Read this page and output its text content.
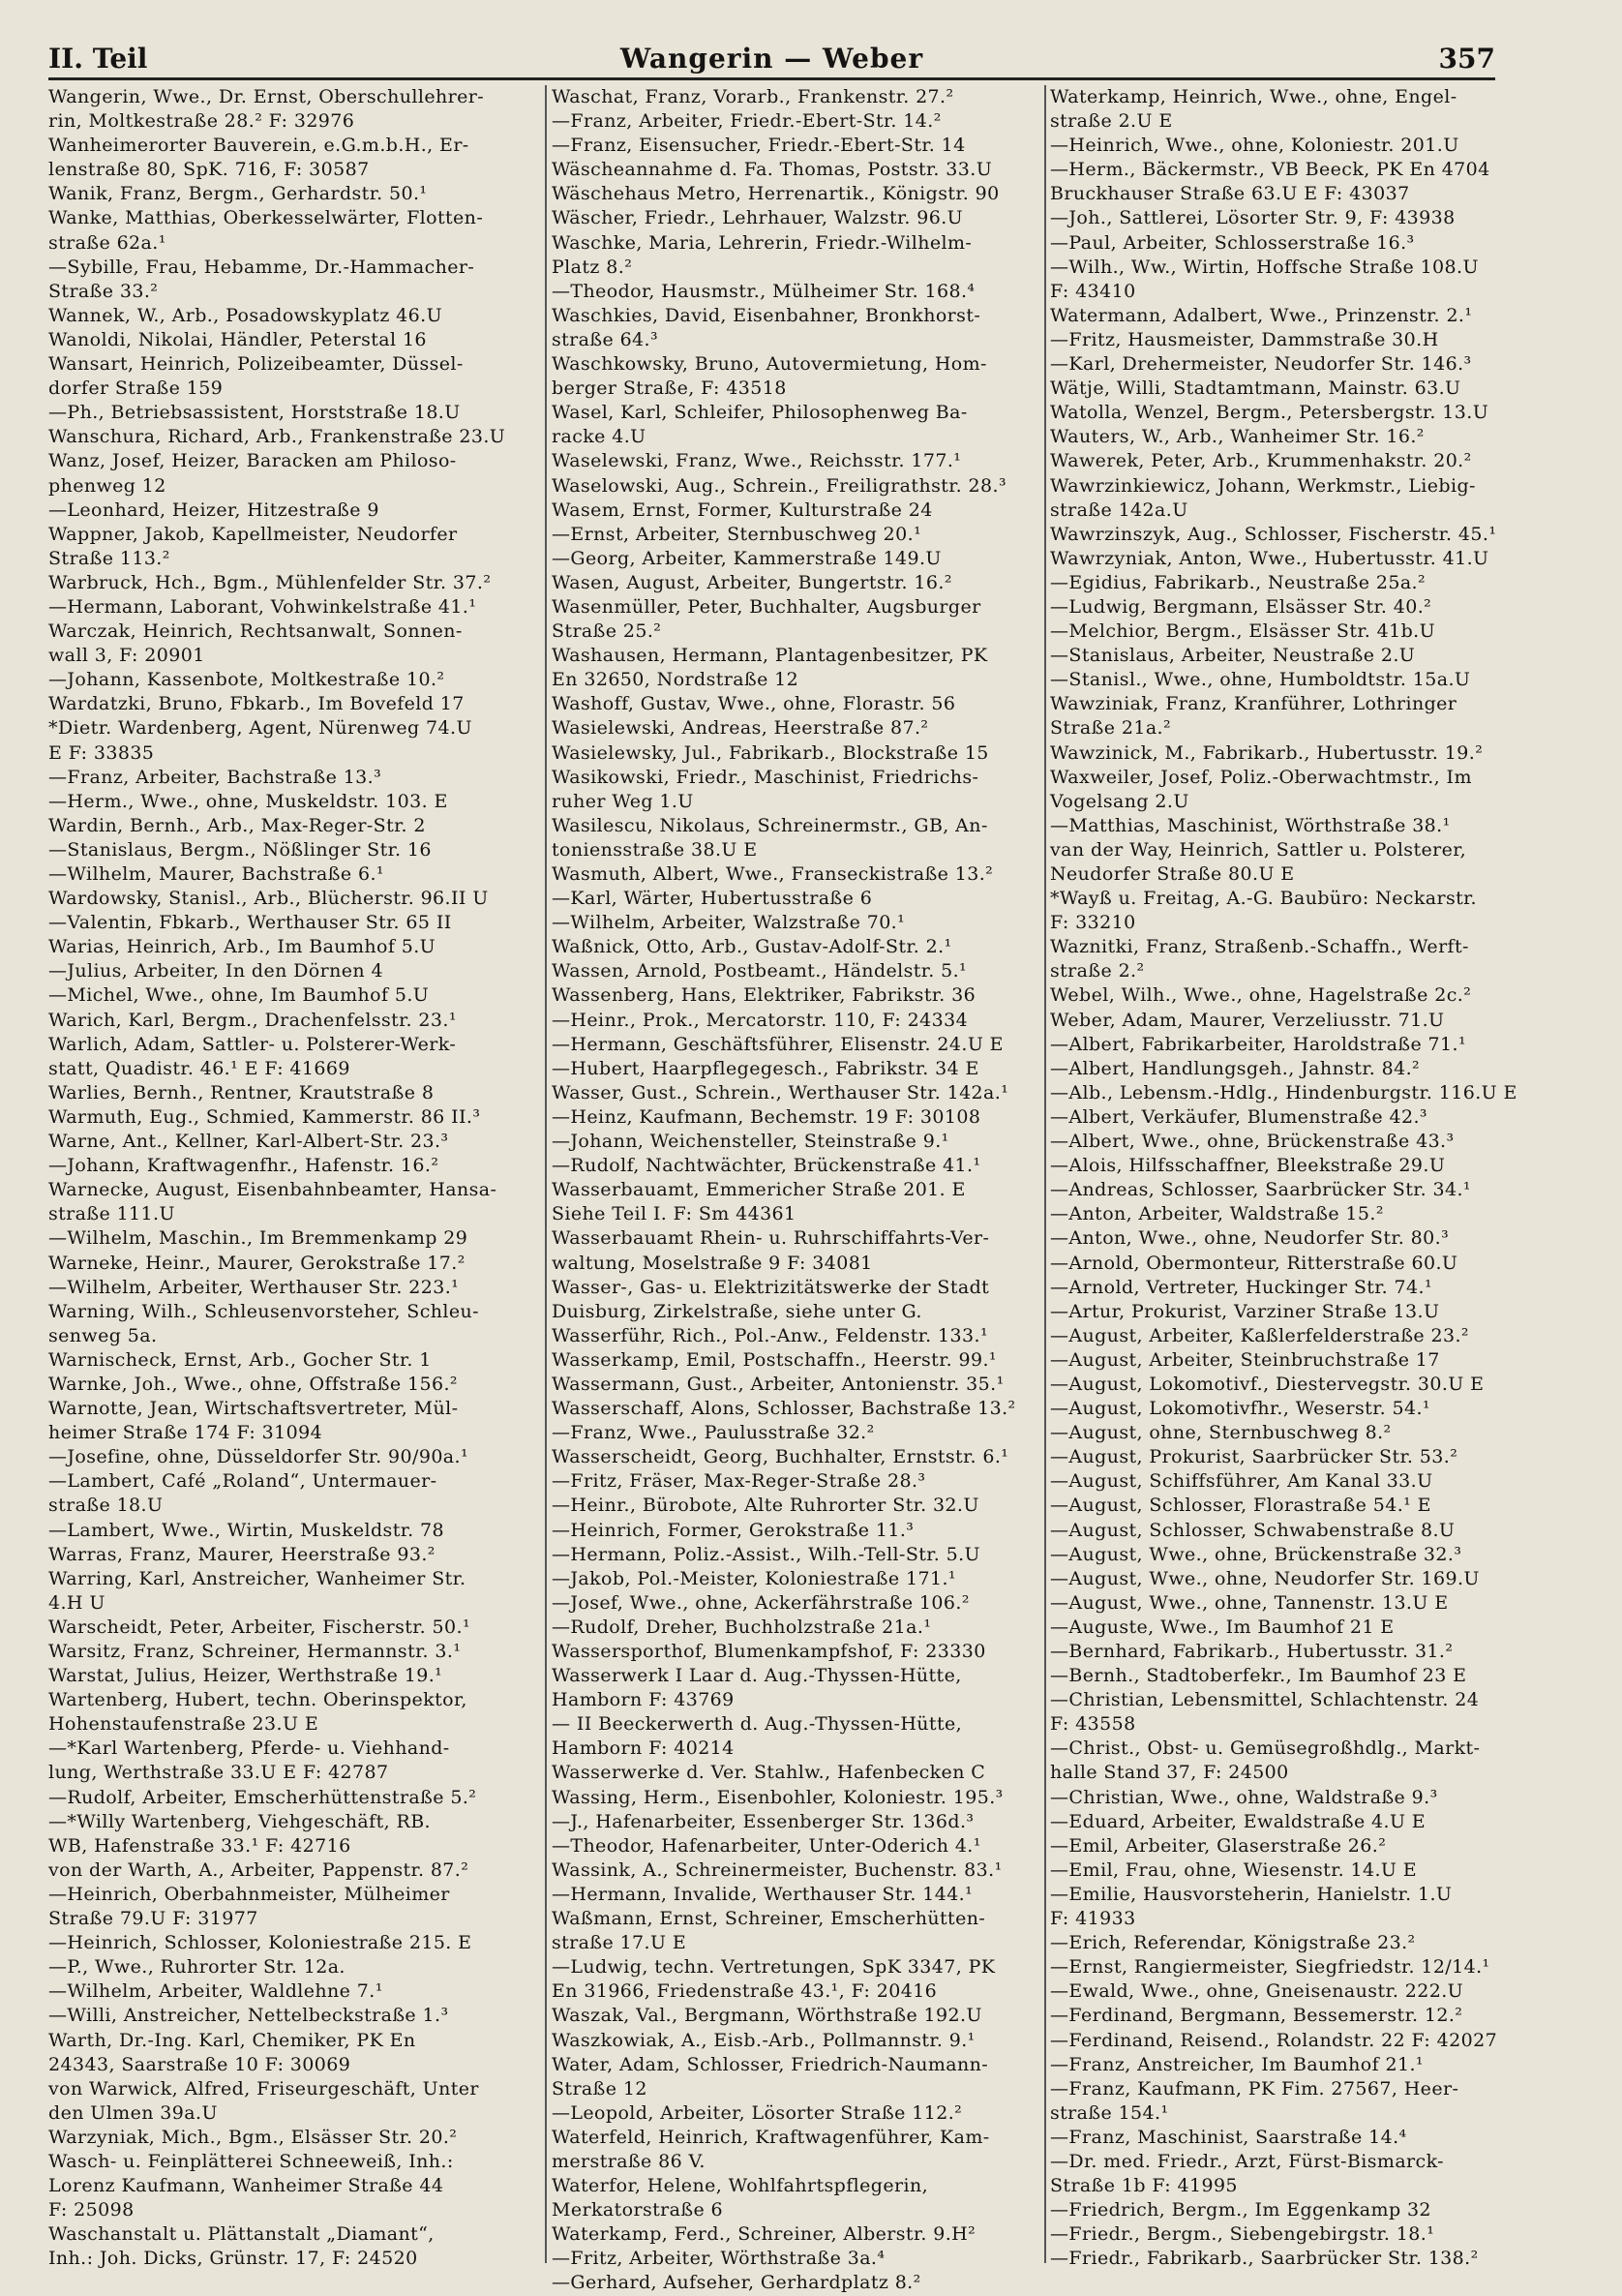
II. Teil	Wangerin — Weber	357
Wangerin, Wwe., Dr. Ernst, Oberschullehrer-
rin, Moltkestraße 28.² F: 32976
Wanheimerorter Bauverein, e.G.m.b.H., Er-
lenstraße 80, SpK. 716, F: 30587
Wanik, Franz, Bergm., Gerhardstr. 50.¹
Wanke, Matthias, Oberkesselwärter, Flotten-
straße 62a.¹
—Sybille, Frau, Hebamme, Dr.-Hammacher-
Straße 33.²
Wannek, W., Arb., Posadowskyplatz 46.U
Wanoldi, Nikolai, Händler, Peterstal 16
Wansart, Heinrich, Polizeibeamter, Düssel-
dorfer Straße 159
—Ph., Betriebsassistent, Horststraße 18.U
Wanschura, Richard, Arb., Frankenstraße 23.U
Wanz, Josef, Heizer, Baracken am Philoso-
phenweg 12
—Leonhard, Heizer, Hitzestraße 9
Wappner, Jakob, Kapellmeister, Neudorfer
Straße 113.²
Warbruck, Hch., Bgm., Mühlenfelder Str. 37.²
—Hermann, Laborant, Vohwinkelstraße 41.¹
Warczak, Heinrich, Rechtsanwalt, Sonnen-
wall 3, F: 20901
—Johann, Kassenbote, Moltkestraße 10.²
Wardatzki, Bruno, Fbkarb., Im Bovefeld 17
*Dietr. Wardenberg, Agent, Nürenweg 74.U
E F: 33835
—Franz, Arbeiter, Bachstraße 13.³
—Herm., Wwe., ohne, Muskeldstr. 103. E
Wardin, Bernh., Arb., Max-Reger-Str. 2
—Stanislaus, Bergm., Nößlinger Str. 16
—Wilhelm, Maurer, Bachstraße 6.¹
Wardowsky, Stanisl., Arb., Blücherstr. 96.II U
—Valentin, Fbkarb., Werthauser Str. 65 II
Warias, Heinrich, Arb., Im Baumhof 5.U
—Julius, Arbeiter, In den Dörnen 4
—Michel, Wwe., ohne, Im Baumhof 5.U
Warich, Karl, Bergm., Drachenfelsstr. 23.¹
Warlich, Adam, Sattler- u. Polsterer-Werk-
statt, Quadistr. 46.¹ E F: 41669
Warlies, Bernh., Rentner, Krautstraße 8
Warmuth, Eug., Schmied, Kammerstr. 86 II.³
Warne, Ant., Kellner, Karl-Albert-Str. 23.³
—Johann, Kraftwagenfhr., Hafenstr. 16.²
Warnecke, August, Eisenbahnbeamter, Hansa-
straße 111.U
—Wilhelm, Maschin., Im Bremmenkamp 29
Warneke, Heinr., Maurer, Gerokstraße 17.²
—Wilhelm, Arbeiter, Werthauser Str. 223.¹
Warning, Wilh., Schleusenvorsteher, Schleu-
senweg 5a.
Warnischeck, Ernst, Arb., Gocher Str. 1
Warnke, Joh., Wwe., ohne, Offstraße 156.²
Warnotte, Jean, Wirtschaftsvertreter, Mül-
heimer Straße 174 F: 31094
—Josefine, ohne, Düsseldorfer Str. 90/90a.¹
—Lambert, Café „Roland“, Untermauer-
straße 18.U
—Lambert, Wwe., Wirtin, Muskeldstr. 78
Warras, Franz, Maurer, Heerstraße 93.²
Warring, Karl, Anstreicher, Wanheimer Str.
4.H U
Warscheidt, Peter, Arbeiter, Fischerstr. 50.¹
Warsitz, Franz, Schreiner, Hermannstr. 3.¹
Warstat, Julius, Heizer, Werthstraße 19.¹
Wartenberg, Hubert, techn. Oberinspektor,
Hohenstaufenstraße 23.U E
—*Karl Wartenberg, Pferde- u. Viehhand-
lung, Werthstraße 33.U E F: 42787
—Rudolf, Arbeiter, Emscherhüttenstraße 5.²
—*Willy Wartenberg, Viehgeschäft, RB.
WB, Hafenstraße 33.¹ F: 42716
von der Warth, A., Arbeiter, Pappenstr. 87.²
—Heinrich, Oberbahnmeister, Mülheimer
Straße 79.U F: 31977
—Heinrich, Schlosser, Koloniestraße 215. E
—P., Wwe., Ruhrorter Str. 12a.
—Wilhelm, Arbeiter, Waldlehne 7.¹
—Willi, Anstreicher, Nettelbeckstraße 1.³
Warth, Dr.-Ing. Karl, Chemiker, PK En
24343, Saarstraße 10 F: 30069
von Warwick, Alfred, Friseurgeschäft, Unter
den Ulmen 39a.U
Warzyniak, Mich., Bgm., Elsässer Str. 20.²
Wasch- u. Feinplätterei Schneeweiß, Inh.:
Lorenz Kaufmann, Wanheimer Straße 44
F: 25098
Waschanstalt u. Plättanstalt „Diamant“,
Inh.: Joh. Dicks, Grünstr. 17, F: 24520
Waschat, Franz, Vorarb., Frankenstr. 27.²
—Franz, Arbeiter, Friedr.-Ebert-Str. 14.²
—Franz, Eisensucher, Friedr.-Ebert-Str. 14
Wäscheannahme d. Fa. Thomas, Poststr. 33.U
Wäschehaus Metro, Herrenartik., Königstr. 90
Wäscher, Friedr., Lehrhauer, Walzstr. 96.U
Waschke, Maria, Lehrerin, Friedr.-Wilhelm-
Platz 8.²
—Theodor, Hausmstr., Mülheimer Str. 168.⁴
Waschkies, David, Eisenbahner, Bronkhorst-
straße 64.³
Waschkowsky, Bruno, Autovermietung, Hom-
berger Straße, F: 43518
Wasel, Karl, Schleifer, Philosophenweg Ba-
racke 4.U
Waselewski, Franz, Wwe., Reichsstr. 177.¹
Waselowski, Aug., Schrein., Freiligrathstr. 28.³
Wasem, Ernst, Former, Kulturstraße 24
—Ernst, Arbeiter, Sternbuschweg 20.¹
—Georg, Arbeiter, Kammerstraße 149.U
Wasen, August, Arbeiter, Bungertstr. 16.²
Wasenmüller, Peter, Buchhalter, Augsburger
Straße 25.²
Washausen, Hermann, Plantagenbesitzer, PK
En 32650, Nordstraße 12
Washoff, Gustav, Wwe., ohne, Florastr. 56
Wasielewski, Andreas, Heerstraße 87.²
Wasielewsky, Jul., Fabrikarb., Blockstraße 15
Wasikowski, Friedr., Maschinist, Friedrichs-
ruher Weg 1.U
Wasilescu, Nikolaus, Schreinermstr., GB, An-
toniensstraße 38.U E
Wasmuth, Albert, Wwe., Franseckistraße 13.²
—Karl, Wärter, Hubertusstraße 6
—Wilhelm, Arbeiter, Walzstraße 70.¹
Waßnick, Otto, Arb., Gustav-Adolf-Str. 2.¹
Wassen, Arnold, Postbeamt., Händelstr. 5.¹
Wassenberg, Hans, Elektriker, Fabrikstr. 36
—Heinr., Prok., Mercatorstr. 110, F: 24334
—Hermann, Geschäftsführer, Elisenstr. 24.U E
—Hubert, Haarpflegegesch., Fabrikstr. 34 E
Wasser, Gust., Schrein., Werthauser Str. 142a.¹
—Heinz, Kaufmann, Bechemstr. 19 F: 30108
—Johann, Weichensteller, Steinstraße 9.¹
—Rudolf, Nachtwächter, Brückenstraße 41.¹
Wasserbauamt, Emmericher Straße 201. E
Siehe Teil I. F: Sm 44361
Wasserbauamt Rhein- u. Ruhrschiffahrts-Ver-
waltung, Moselstraße 9 F: 34081
Wasser-, Gas- u. Elektrizitätswerke der Stadt
Duisburg, Zirkelstraße, siehe unter G.
Wasserführ, Rich., Pol.-Anw., Feldenstr. 133.¹
Wasserkamp, Emil, Postschaffn., Heerstr. 99.¹
Wassermann, Gust., Arbeiter, Antonienstr. 35.¹
Wasserschaff, Alons, Schlosser, Bachstraße 13.²
—Franz, Wwe., Paulusstraße 32.²
Wasserscheidt, Georg, Buchhalter, Ernststr. 6.¹
—Fritz, Fräser, Max-Reger-Straße 28.³
—Heinr., Bürobote, Alte Ruhrorter Str. 32.U
—Heinrich, Former, Gerokstraße 11.³
—Hermann, Poliz.-Assist., Wilh.-Tell-Str. 5.U
—Jakob, Pol.-Meister, Koloniestraße 171.¹
—Josef, Wwe., ohne, Ackerfährstraße 106.²
—Rudolf, Dreher, Buchholzstraße 21a.¹
Wassersporthof, Blumenkampfshof, F: 23330
Wasserwerk I Laar d. Aug.-Thyssen-Hütte,
Hamborn F: 43769
— II Beeckerwerth d. Aug.-Thyssen-Hütte,
Hamborn F: 40214
Wasserwerke d. Ver. Stahlw., Hafenbecken C
Wassing, Herm., Eisenbohler, Koloniestr. 195.³
—J., Hafenarbeiter, Essenberger Str. 136d.³
—Theodor, Hafenarbeiter, Unter-Oderich 4.¹
Wassink, A., Schreinermeister, Buchenstr. 83.¹
—Hermann, Invalide, Werthauser Str. 144.¹
Waßmann, Ernst, Schreiner, Emscherhütten-
straße 17.U E
—Ludwig, techn. Vertretungen, SpK 3347, PK
En 31966, Friedenstraße 43.¹, F: 20416
Waszak, Val., Bergmann, Wörthstraße 192.U
Waszkowiak, A., Eisb.-Arb., Pollmannstr. 9.¹
Water, Adam, Schlosser, Friedrich-Naumann-
Straße 12
—Leopold, Arbeiter, Lösorter Straße 112.²
Waterfeld, Heinrich, Kraftwagenführer, Kam-
merstraße 86 V.
Waterfor, Helene, Wohlfahrtspflegerin,
Merkatorstraße 6
Waterkamp, Ferd., Schreiner, Alberstr. 9.H²
—Fritz, Arbeiter, Wörthstraße 3a.⁴
—Gerhard, Aufseher, Gerhardplatz 8.²
Waterkamp, Heinrich, Wwe., ohne, Engel-
straße 2.U E
—Heinrich, Wwe., ohne, Koloniestr. 201.U
—Herm., Bäckermstr., VB Beeck, PK En 4704
Bruckhauser Straße 63.U E F: 43037
—Joh., Sattlerei, Lösorter Str. 9, F: 43938
—Paul, Arbeiter, Schlosserstraße 16.³
—Wilh., Ww., Wirtin, Hoffsche Straße 108.U
F: 43410
Watermann, Adalbert, Wwe., Prinzenstr. 2.¹
—Fritz, Hausmeister, Dammstraße 30.H
—Karl, Drehermeister, Neudorfer Str. 146.³
Wätje, Willi, Stadtamtmann, Mainstr. 63.U
Watolla, Wenzel, Bergm., Petersbergstr. 13.U
Wauters, W., Arb., Wanheimer Str. 16.²
Wawerek, Peter, Arb., Krummenhakstr. 20.²
Wawrzinkiewicz, Johann, Werkmstr., Liebig-
straße 142a.U
Wawrzinszyk, Aug., Schlosser, Fischerstr. 45.¹
Wawrzyniak, Anton, Wwe., Hubertusstr. 41.U
—Egidius, Fabrikarb., Neustraße 25a.²
—Ludwig, Bergmann, Elsässer Str. 40.²
—Melchior, Bergm., Elsässer Str. 41b.U
—Stanislaus, Arbeiter, Neustraße 2.U
—Stanisl., Wwe., ohne, Humboldtstr. 15a.U
Wawziniak, Franz, Kranführer, Lothringer
Straße 21a.²
Wawzinick, M., Fabrikarb., Hubertusstr. 19.²
Waxweiler, Josef, Poliz.-Oberwachtmstr., Im
Vogelsang 2.U
—Matthias, Maschinist, Wörthstraße 38.¹
van der Way, Heinrich, Sattler u. Polsterer,
Neudorfer Straße 80.U E
*Wayß u. Freitag, A.-G. Baubüro: Neckarstr.
F: 33210
Waznitki, Franz, Straßenb.-Schaffn., Werft-
straße 2.²
Webel, Wilh., Wwe., ohne, Hagelstraße 2c.²
Weber, Adam, Maurer, Verzeliusstr. 71.U
—Albert, Fabrikarbeiter, Haroldstraße 71.¹
—Albert, Handlungsgeh., Jahnstr. 84.²
—Alb., Lebensm.-Hdlg., Hindenburgstr. 116.U E
—Albert, Verkäufer, Blumenstraße 42.³
—Albert, Wwe., ohne, Brückenstraße 43.³
—Alois, Hilfsschaffner, Bleekstraße 29.U
—Andreas, Schlosser, Saarbrücker Str. 34.¹
—Anton, Arbeiter, Waldstraße 15.²
—Anton, Wwe., ohne, Neudorfer Str. 80.³
—Arnold, Obermonteur, Ritterstraße 60.U
—Arnold, Vertreter, Huckinger Str. 74.¹
—Artur, Prokurist, Varziner Straße 13.U
—August, Arbeiter, Kaßlerfelderstraße 23.²
—August, Arbeiter, Steinbruchstraße 17
—August, Lokomotivf., Diestervegstr. 30.U E
—August, Lokomotivfhr., Weserstr. 54.¹
—August, ohne, Sternbuschweg 8.²
—August, Prokurist, Saarbrücker Str. 53.²
—August, Schiffsführer, Am Kanal 33.U
—August, Schlosser, Florastraße 54.¹ E
—August, Schlosser, Schwabenstraße 8.U
—August, Wwe., ohne, Brückenstraße 32.³
—August, Wwe., ohne, Neudorfer Str. 169.U
—August, Wwe., ohne, Tannenstr. 13.U E
—Auguste, Wwe., Im Baumhof 21 E
—Bernhard, Fabrikarb., Hubertusstr. 31.²
—Bernh., Stadtoberfekr., Im Baumhof 23 E
—Christian, Lebensmittel, Schlachtenstr. 24
F: 43558
—Christ., Obst- u. Gemüsegroßhdlg., Markt-
halle Stand 37, F: 24500
—Christian, Wwe., ohne, Waldstraße 9.³
—Eduard, Arbeiter, Ewaldstraße 4.U E
—Emil, Arbeiter, Glaserstraße 26.²
—Emil, Frau, ohne, Wiesenstr. 14.U E
—Emilie, Hausvorsteherin, Hanielstr. 1.U
F: 41933
—Erich, Referendar, Königstraße 23.²
—Ernst, Rangiermeister, Siegfriedstr. 12/14.¹
—Ewald, Wwe., ohne, Gneisenaustr. 222.U
—Ferdinand, Bergmann, Bessemerstr. 12.²
—Ferdinand, Reisend., Rolandstr. 22 F: 42027
—Franz, Anstreicher, Im Baumhof 21.¹
—Franz, Kaufmann, PK Fim. 27567, Heer-
straße 154.¹
—Franz, Maschinist, Saarstraße 14.⁴
—Dr. med. Friedr., Arzt, Fürst-Bismarck-
Straße 1b F: 41995
—Friedrich, Bergm., Im Eggenkamp 32
—Friedr., Bergm., Siebengebirgstr. 18.¹
—Friedr., Fabrikarb., Saarbrücker Str. 138.²
